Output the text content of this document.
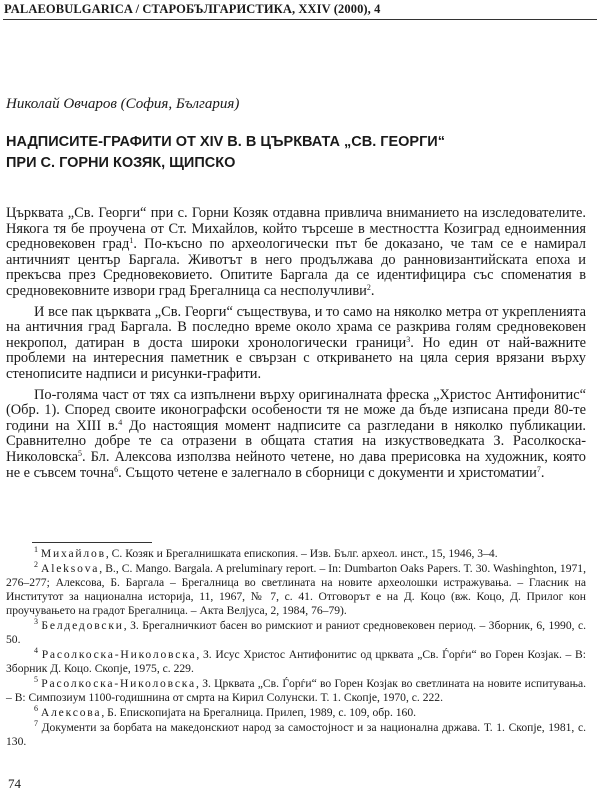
PALAEOBULGARICA / СТАРОБЪЛГАРИСТИКА, XXIV (2000), 4
Николай Овчаров (София, България)
НАДПИСИТЕ-ГРАФИТИ ОТ XIV В. В ЦЪРКВАТА „СВ. ГЕОРГИ“
ПРИ С. ГОРНИ КОЗЯК, ЩИПСКО

Църквата „Св. Георги“ при с. Горни Козяк отдавна привлича вниманието на изследователите. Някога тя бе проучена от Ст. Михайлов, който търсеше в местността Козигрaд едноименния средновековен град$^1$. По-късно по археологически път бе доказано, че там се е намирал античният център Баргала. Животът в него продължава до ранновизантийската епоха и прекъсва през Средновековието. Опитите Баргала да се идентифицира със споменатия в средновековните извори град Брегалница са несполучливи$^2$.

И все пак църквата „Св. Георги“ съществува, и то само на няколко метра от укрепленията на античния град Баргала. В последно време около храма се разкрива голям средновековен некропол, датиран в доста широки хронологически граници$^3$. Но един от най-важните проблеми на интересния паметник е свързан с откриването на цяла серия врязани върху стенописите надписи и рисунки-графити.

По-голяма част от тях са изпълнени върху оригиналната фреска „Христос Антифонитис“ (Обр. 1). Според своите иконографски особености тя не може да бъде изписана преди 80-те години на XIII в.$^4$ До настоящия момент надписите са разгледани в няколко публикации. Сравнително добре те са отразени в общата статия на изкуствоведката З. Расолкоска-Николовска$^5$. Бл. Алексова използва нейното четене, но дава прерисовка на художник, която не е съвсем точна$^6$. Същото четене е залегнало в сборници с документи и христоматии$^7$.

$^1$ Михайлов, С. Козяк и Брегалнишката епископия. – Изв. Бълг. археол. инст., 15, 1946, 3–4.
$^2$ Aleksova, B., C. Mango. Bargala. A preluminary report. – In: Dumbarton Oaks Papers. T. 30. Washinghton, 1971, 276–277; Алексова, Б. Баргала – Брегалница во светлината на новите археолошки истражувања. – Гласник на Институтот за национална историја, 11, 1967, № 7, с. 41. Отговорът е на Д. Коцо (вж. Коцо, Д. Прилог кон проучувањето на градот Брегалница. – Акта Велјуса, 2, 1984, 76–79).
$^3$ Белдедовски, З. Брегалничкиот басен во римскиот и раниот средновековен период. – Зборник, 6, 1990, с. 50.
$^4$ Расолкоска-Николовска, З. Исус Христос Антифонитис од црквата „Св. Ѓорѓи“ во Горен Козјак. – В: Зборник Д. Коцо. Скопје, 1975, с. 229.
$^5$ Расолкоска-Николовска, З. Црквата „Св. Ѓорѓи“ во Горен Козјак во светлината на новите испитувања. – В: Симпозиум 1100-годишнина от смрта на Кирил Солунски. Т. 1. Скопје, 1970, с. 222.
$^6$ Алексова, Б. Епископијата на Брегалница. Прилеп, 1989, с. 109, обр. 160.
$^7$ Документи за борбата на македонскиот народ за самостојност и за национална држава. Т. 1. Скопје, 1981, с. 130.
74
